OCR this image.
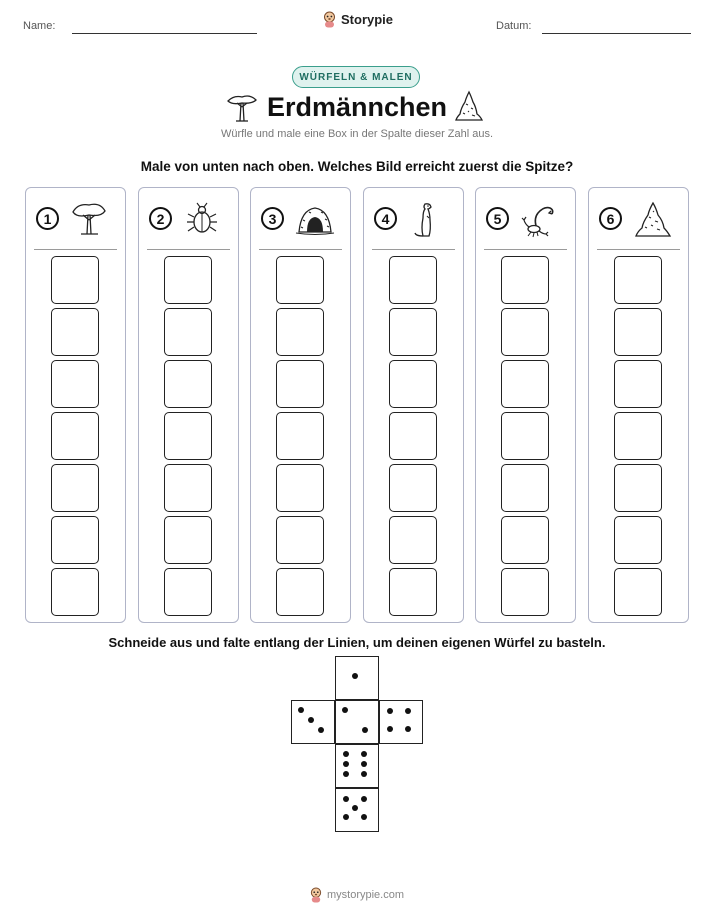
Name:	Storypie	Datum:
WÜRFELN & MALEN
Erdmännchen
Würfle und male eine Box in der Spalte dieser Zahl aus.
Male von unten nach oben. Welches Bild erreicht zuerst die Spitze?
1	2	3	4	5	6
Schneide aus und falte entlang der Linien, um deinen eigenen Würfel zu basteln.
mystorypie.com
